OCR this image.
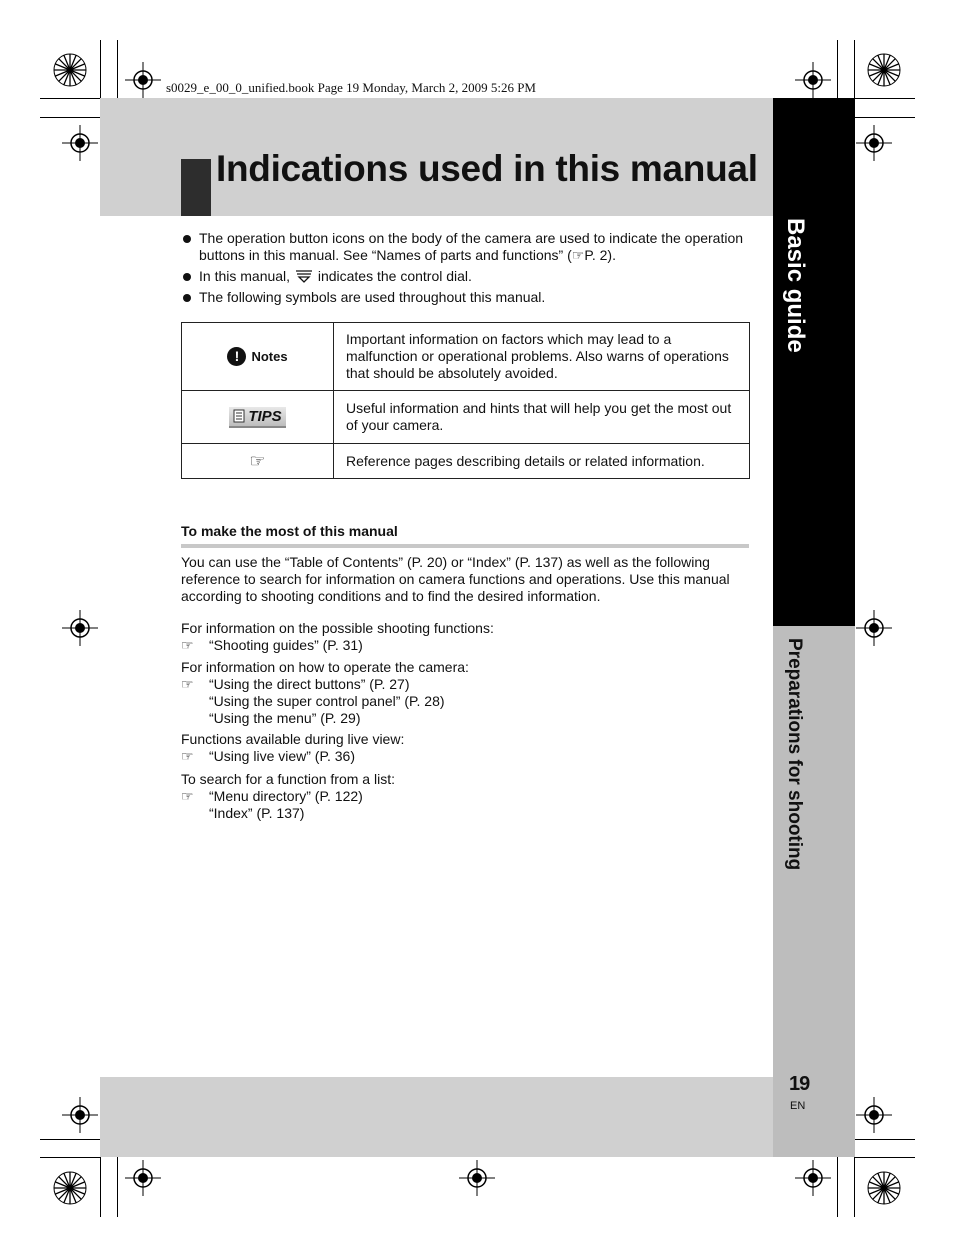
s0029_e_00_0_unified.book Page 19 Monday, March 2, 2009 5:26 PM
Indications used in this manual
Basic guide
Preparations for shooting
The operation button icons on the body of the camera are used to indicate the operation buttons in this manual. See “Names of parts and functions” (☞P. 2).
In this manual,  indicates the control dial.
The following symbols are used throughout this manual.
! Notes	Important information on factors which may lead to a malfunction or operational problems. Also warns of operations that should be absolutely avoided.

TIPS	Useful information and hints that will help you get the most out of your camera.
☞	Reference pages describing details or related information.
To make the most of this manual
You can use the “Table of Contents” (P. 20) or “Index” (P. 137) as well as the following reference to search for information on camera functions and operations. Use this manual according to shooting conditions and to find the desired information.
For information on the possible shooting functions:
☞	“Shooting guides” (P. 31)
For information on how to operate the camera:
☞	“Using the direct buttons” (P. 27)
“Using the super control panel” (P. 28)
“Using the menu” (P. 29)
Functions available during live view:
☞	“Using live view” (P. 36)
To search for a function from a list:
☞	“Menu directory” (P. 122)
“Index” (P. 137)
19
EN
